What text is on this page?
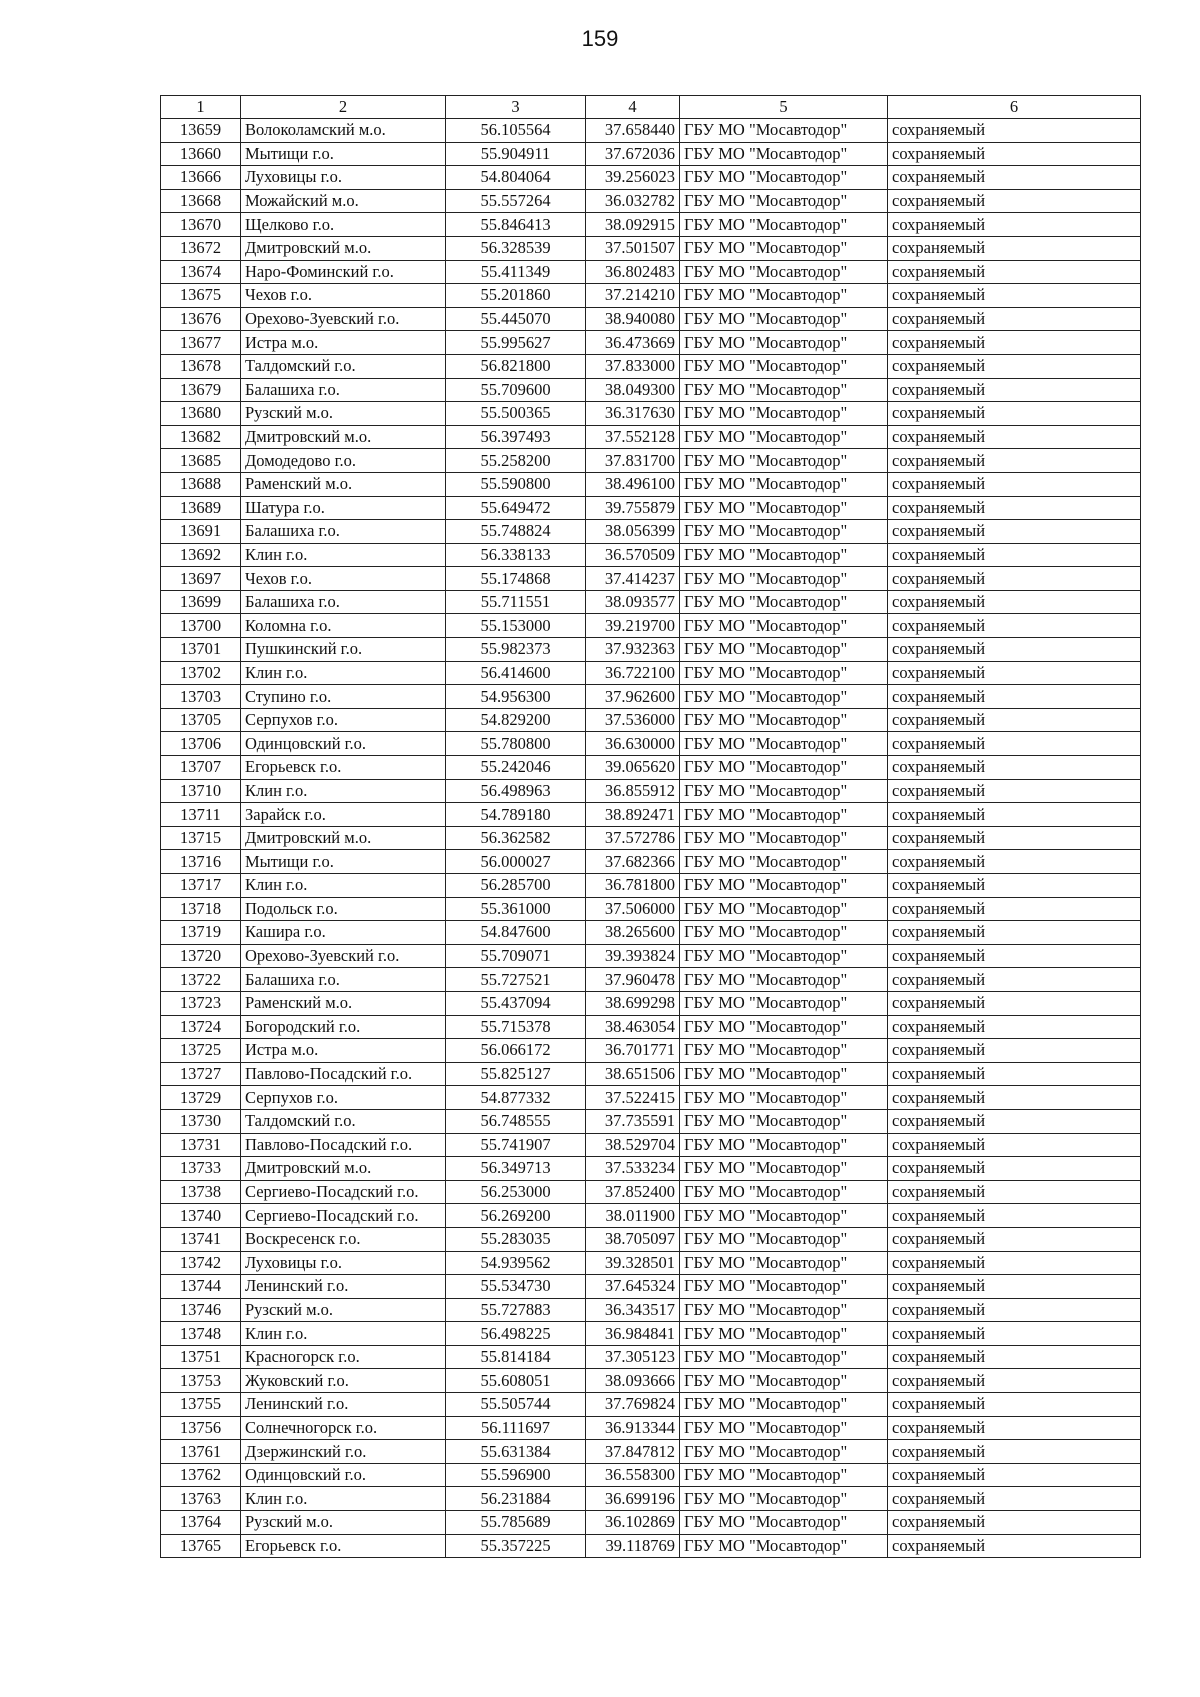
159
1	2	3	4	5	6
13659	Волоколамский м.о.	56.105564	37.658440	ГБУ МО "Мосавтодор"	сохраняемый
13660	Мытищи г.о.	55.904911	37.672036	ГБУ МО "Мосавтодор"	сохраняемый
13666	Луховицы г.о.	54.804064	39.256023	ГБУ МО "Мосавтодор"	сохраняемый
13668	Можайский м.о.	55.557264	36.032782	ГБУ МО "Мосавтодор"	сохраняемый
13670	Щелково г.о.	55.846413	38.092915	ГБУ МО "Мосавтодор"	сохраняемый
13672	Дмитровский м.о.	56.328539	37.501507	ГБУ МО "Мосавтодор"	сохраняемый
13674	Наро-Фоминский г.о.	55.411349	36.802483	ГБУ МО "Мосавтодор"	сохраняемый
13675	Чехов г.о.	55.201860	37.214210	ГБУ МО "Мосавтодор"	сохраняемый
13676	Орехово-Зуевский г.о.	55.445070	38.940080	ГБУ МО "Мосавтодор"	сохраняемый
13677	Истра м.о.	55.995627	36.473669	ГБУ МО "Мосавтодор"	сохраняемый
13678	Талдомский г.о.	56.821800	37.833000	ГБУ МО "Мосавтодор"	сохраняемый
13679	Балашиха г.о.	55.709600	38.049300	ГБУ МО "Мосавтодор"	сохраняемый
13680	Рузский м.о.	55.500365	36.317630	ГБУ МО "Мосавтодор"	сохраняемый
13682	Дмитровский м.о.	56.397493	37.552128	ГБУ МО "Мосавтодор"	сохраняемый
13685	Домодедово г.о.	55.258200	37.831700	ГБУ МО "Мосавтодор"	сохраняемый
13688	Раменский м.о.	55.590800	38.496100	ГБУ МО "Мосавтодор"	сохраняемый
13689	Шатура г.о.	55.649472	39.755879	ГБУ МО "Мосавтодор"	сохраняемый
13691	Балашиха г.о.	55.748824	38.056399	ГБУ МО "Мосавтодор"	сохраняемый
13692	Клин г.о.	56.338133	36.570509	ГБУ МО "Мосавтодор"	сохраняемый
13697	Чехов г.о.	55.174868	37.414237	ГБУ МО "Мосавтодор"	сохраняемый
13699	Балашиха г.о.	55.711551	38.093577	ГБУ МО "Мосавтодор"	сохраняемый
13700	Коломна г.о.	55.153000	39.219700	ГБУ МО "Мосавтодор"	сохраняемый
13701	Пушкинский г.о.	55.982373	37.932363	ГБУ МО "Мосавтодор"	сохраняемый
13702	Клин г.о.	56.414600	36.722100	ГБУ МО "Мосавтодор"	сохраняемый
13703	Ступино г.о.	54.956300	37.962600	ГБУ МО "Мосавтодор"	сохраняемый
13705	Серпухов г.о.	54.829200	37.536000	ГБУ МО "Мосавтодор"	сохраняемый
13706	Одинцовский г.о.	55.780800	36.630000	ГБУ МО "Мосавтодор"	сохраняемый
13707	Егорьевск г.о.	55.242046	39.065620	ГБУ МО "Мосавтодор"	сохраняемый
13710	Клин г.о.	56.498963	36.855912	ГБУ МО "Мосавтодор"	сохраняемый
13711	Зарайск г.о.	54.789180	38.892471	ГБУ МО "Мосавтодор"	сохраняемый
13715	Дмитровский м.о.	56.362582	37.572786	ГБУ МО "Мосавтодор"	сохраняемый
13716	Мытищи г.о.	56.000027	37.682366	ГБУ МО "Мосавтодор"	сохраняемый
13717	Клин г.о.	56.285700	36.781800	ГБУ МО "Мосавтодор"	сохраняемый
13718	Подольск г.о.	55.361000	37.506000	ГБУ МО "Мосавтодор"	сохраняемый
13719	Кашира г.о.	54.847600	38.265600	ГБУ МО "Мосавтодор"	сохраняемый
13720	Орехово-Зуевский г.о.	55.709071	39.393824	ГБУ МО "Мосавтодор"	сохраняемый
13722	Балашиха г.о.	55.727521	37.960478	ГБУ МО "Мосавтодор"	сохраняемый
13723	Раменский м.о.	55.437094	38.699298	ГБУ МО "Мосавтодор"	сохраняемый
13724	Богородский г.о.	55.715378	38.463054	ГБУ МО "Мосавтодор"	сохраняемый
13725	Истра м.о.	56.066172	36.701771	ГБУ МО "Мосавтодор"	сохраняемый
13727	Павлово-Посадский г.о.	55.825127	38.651506	ГБУ МО "Мосавтодор"	сохраняемый
13729	Серпухов г.о.	54.877332	37.522415	ГБУ МО "Мосавтодор"	сохраняемый
13730	Талдомский г.о.	56.748555	37.735591	ГБУ МО "Мосавтодор"	сохраняемый
13731	Павлово-Посадский г.о.	55.741907	38.529704	ГБУ МО "Мосавтодор"	сохраняемый
13733	Дмитровский м.о.	56.349713	37.533234	ГБУ МО "Мосавтодор"	сохраняемый
13738	Сергиево-Посадский г.о.	56.253000	37.852400	ГБУ МО "Мосавтодор"	сохраняемый
13740	Сергиево-Посадский г.о.	56.269200	38.011900	ГБУ МО "Мосавтодор"	сохраняемый
13741	Воскресенск г.о.	55.283035	38.705097	ГБУ МО "Мосавтодор"	сохраняемый
13742	Луховицы г.о.	54.939562	39.328501	ГБУ МО "Мосавтодор"	сохраняемый
13744	Ленинский г.о.	55.534730	37.645324	ГБУ МО "Мосавтодор"	сохраняемый
13746	Рузский м.о.	55.727883	36.343517	ГБУ МО "Мосавтодор"	сохраняемый
13748	Клин г.о.	56.498225	36.984841	ГБУ МО "Мосавтодор"	сохраняемый
13751	Красногорск г.о.	55.814184	37.305123	ГБУ МО "Мосавтодор"	сохраняемый
13753	Жуковский г.о.	55.608051	38.093666	ГБУ МО "Мосавтодор"	сохраняемый
13755	Ленинский г.о.	55.505744	37.769824	ГБУ МО "Мосавтодор"	сохраняемый
13756	Солнечногорск г.о.	56.111697	36.913344	ГБУ МО "Мосавтодор"	сохраняемый
13761	Дзержинский г.о.	55.631384	37.847812	ГБУ МО "Мосавтодор"	сохраняемый
13762	Одинцовский г.о.	55.596900	36.558300	ГБУ МО "Мосавтодор"	сохраняемый
13763	Клин г.о.	56.231884	36.699196	ГБУ МО "Мосавтодор"	сохраняемый
13764	Рузский м.о.	55.785689	36.102869	ГБУ МО "Мосавтодор"	сохраняемый
13765	Егорьевск г.о.	55.357225	39.118769	ГБУ МО "Мосавтодор"	сохраняемый
